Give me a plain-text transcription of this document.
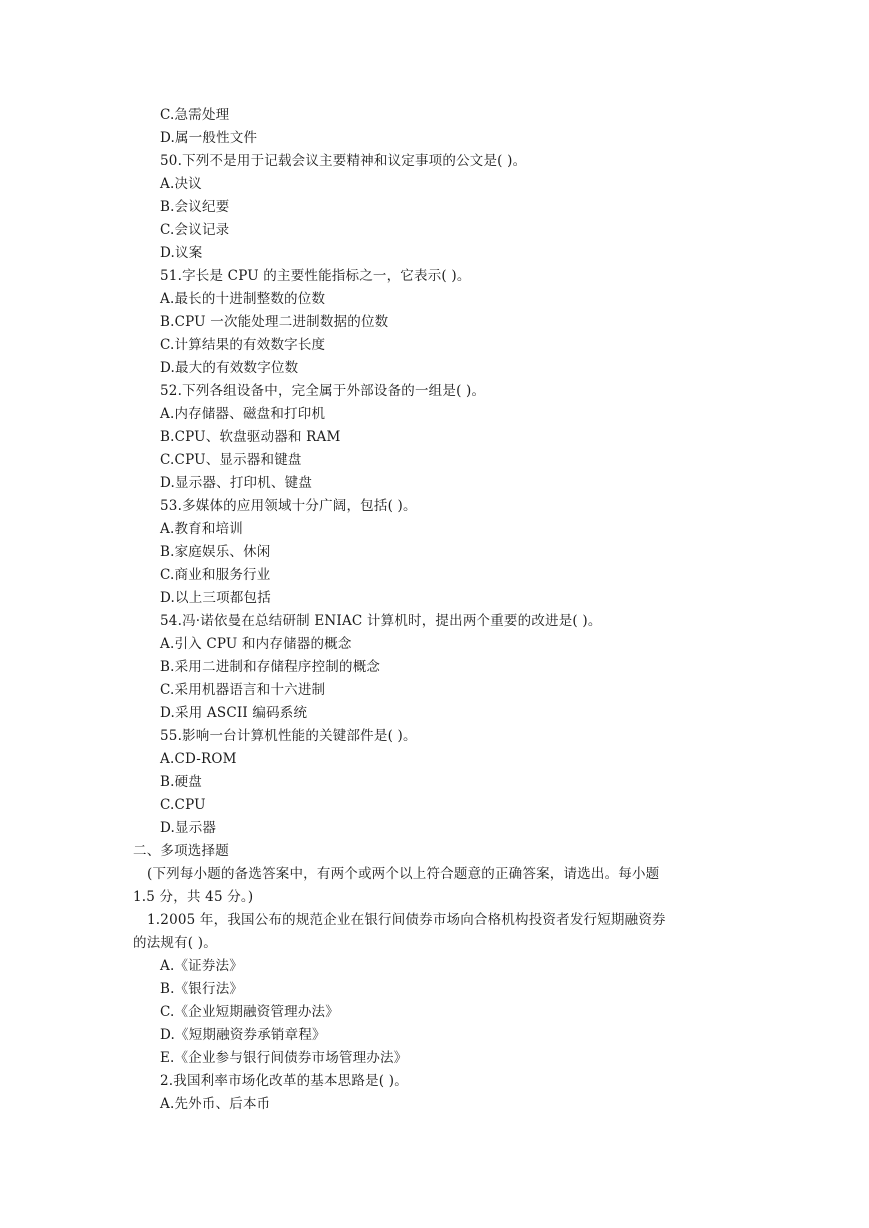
C.急需处理
D.属一般性文件
50.下列不是用于记载会议主要精神和议定事项的公文是( )。
A.决议
B.会议纪要
C.会议记录
D.议案
51.字长是 CPU 的主要性能指标之一，它表示( )。
A.最长的十进制整数的位数
B.CPU 一次能处理二进制数据的位数
C.计算结果的有效数字长度
D.最大的有效数字位数
52.下列各组设备中，完全属于外部设备的一组是( )。
A.内存储器、磁盘和打印机
B.CPU、软盘驱动器和 RAM
C.CPU、显示器和键盘
D.显示器、打印机、键盘
53.多媒体的应用领域十分广阔，包括( )。
A.教育和培训
B.家庭娱乐、休闲
C.商业和服务行业
D.以上三项都包括
54.冯·诺依曼在总结研制 ENIAC 计算机时，提出两个重要的改进是( )。
A.引入 CPU 和内存储器的概念
B.采用二进制和存储程序控制的概念
C.采用机器语言和十六进制
D.采用 ASCII 编码系统
55.影响一台计算机性能的关键部件是( )。
A.CD-ROM
B.硬盘
C.CPU
D.显示器
二、多项选择题
(下列每小题的备选答案中，有两个或两个以上符合题意的正确答案，请选出。每小题
1.5 分，共 45 分。)
1.2005 年，我国公布的规范企业在银行间债券市场向合格机构投资者发行短期融资券
的法规有( )。
A.《证券法》
B.《银行法》
C.《企业短期融资管理办法》
D.《短期融资券承销章程》
E.《企业参与银行间债券市场管理办法》
2.我国利率市场化改革的基本思路是( )。
A.先外币、后本币
